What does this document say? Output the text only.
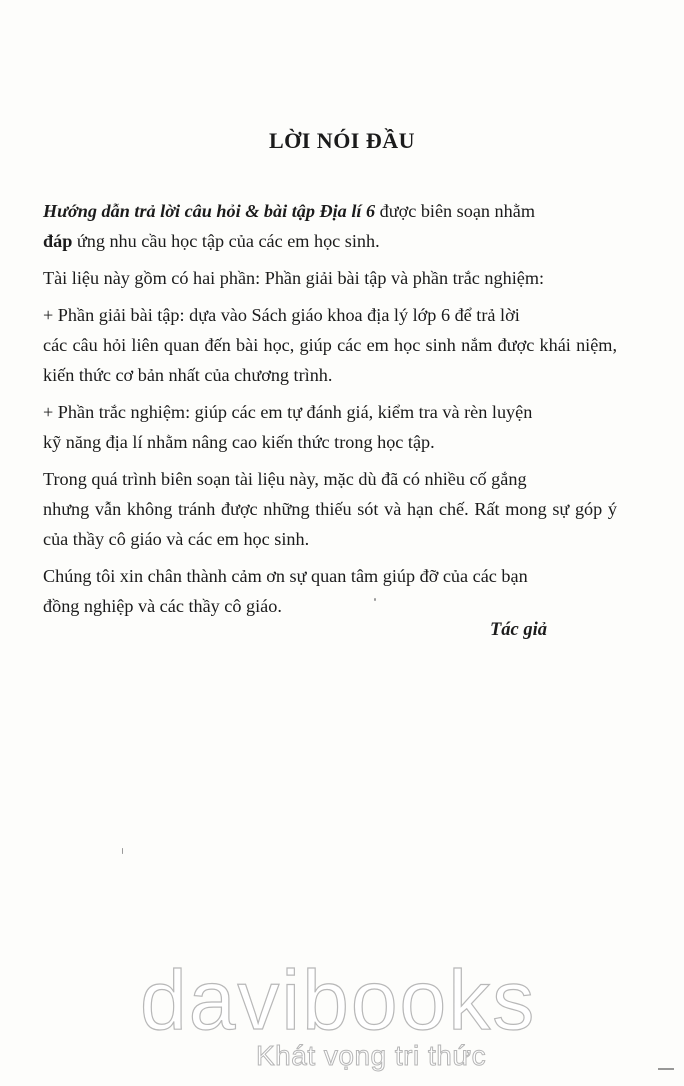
LỜI NÓI ĐẦU

Hướng dẫn trả lời câu hỏi & bài tập Địa lí 6 được biên soạn nhằm
đáp ứng nhu cầu học tập của các em học sinh.

Tài liệu này gồm có hai phần: Phần giải bài tập và phần trắc nghiệm:

+ Phần giải bài tập: dựa vào Sách giáo khoa địa lý lớp 6 để trả lời
các câu hỏi liên quan đến bài học, giúp các em học sinh nắm được khái niệm, kiến thức cơ bản nhất của chương trình.

+ Phần trắc nghiệm: giúp các em tự đánh giá, kiểm tra và rèn luyện
kỹ năng địa lí nhằm nâng cao kiến thức trong học tập.

Trong quá trình biên soạn tài liệu này, mặc dù đã có nhiều cố gắng
nhưng vẫn không tránh được những thiếu sót và hạn chế. Rất mong sự góp ý của thầy cô giáo và các em học sinh.

Chúng tôi xin chân thành cảm ơn sự quan tâm giúp đỡ của các bạn
đồng nghiệp và các thầy cô giáo.

Tác giả
davibooks
Khát vọng tri thức
